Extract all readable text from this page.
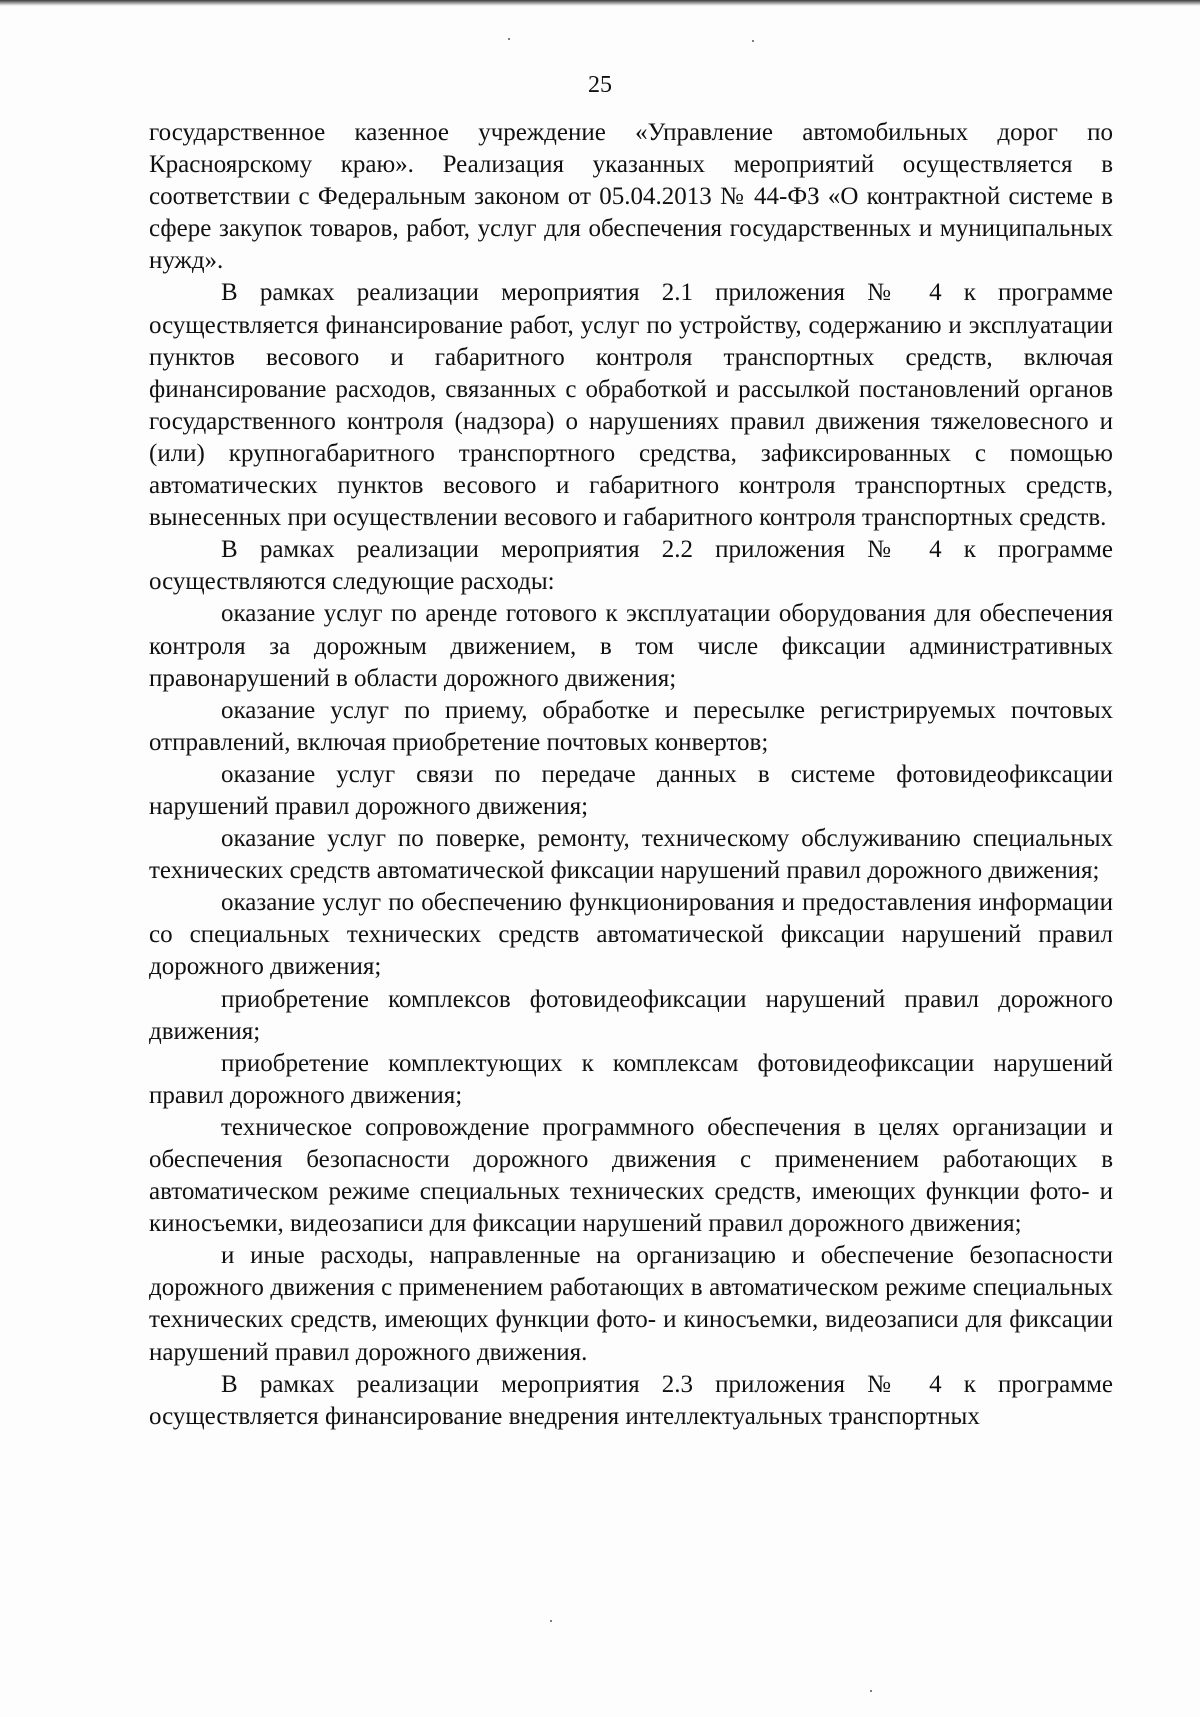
25

государственное казенное учреждение «Управление автомобильных дорог по Красноярскому краю». Реализация указанных мероприятий осуществляется в соответствии с Федеральным законом от 05.04.2013 № 44-ФЗ «О контрактной системе в сфере закупок товаров, работ, услуг для обеспечения государственных и муниципальных нужд».

В рамках реализации мероприятия 2.1 приложения № 4 к программе осуществляется финансирование работ, услуг по устройству, содержанию и эксплуатации пунктов весового и габаритного контроля транспортных средств, включая финансирование расходов, связанных с обработкой и рассылкой постановлений органов государственного контроля (надзора) о нарушениях правил движения тяжеловесного и (или) крупногабаритного транспортного средства, зафиксированных с помощью автоматических пунктов весового и габаритного контроля транспортных средств, вынесенных при осуществлении весового и габаритного контроля транспортных средств.

В рамках реализации мероприятия 2.2 приложения № 4 к программе осуществляются следующие расходы:

оказание услуг по аренде готового к эксплуатации оборудования для обеспечения контроля за дорожным движением, в том числе фиксации административных правонарушений в области дорожного движения;

оказание услуг по приему, обработке и пересылке регистрируемых почтовых отправлений, включая приобретение почтовых конвертов;

оказание услуг связи по передаче данных в системе фотовидеофиксации нарушений правил дорожного движения;

оказание услуг по поверке, ремонту, техническому обслуживанию специальных технических средств автоматической фиксации нарушений правил дорожного движения;

оказание услуг по обеспечению функционирования и предоставления информации со специальных технических средств автоматической фиксации нарушений правил дорожного движения;

приобретение комплексов фотовидеофиксации нарушений правил дорожного движения;

приобретение комплектующих к комплексам фотовидеофиксации нарушений правил дорожного движения;

техническое сопровождение программного обеспечения в целях организации и обеспечения безопасности дорожного движения с применением работающих в автоматическом режиме специальных технических средств, имеющих функции фото- и киносъемки, видеозаписи для фиксации нарушений правил дорожного движения;

и иные расходы, направленные на организацию и обеспечение безопасности дорожного движения с применением работающих в автоматическом режиме специальных технических средств, имеющих функции фото- и киносъемки, видеозаписи для фиксации нарушений правил дорожного движения.

В рамках реализации мероприятия 2.3 приложения № 4 к программе осуществляется финансирование внедрения интеллектуальных транспортных
